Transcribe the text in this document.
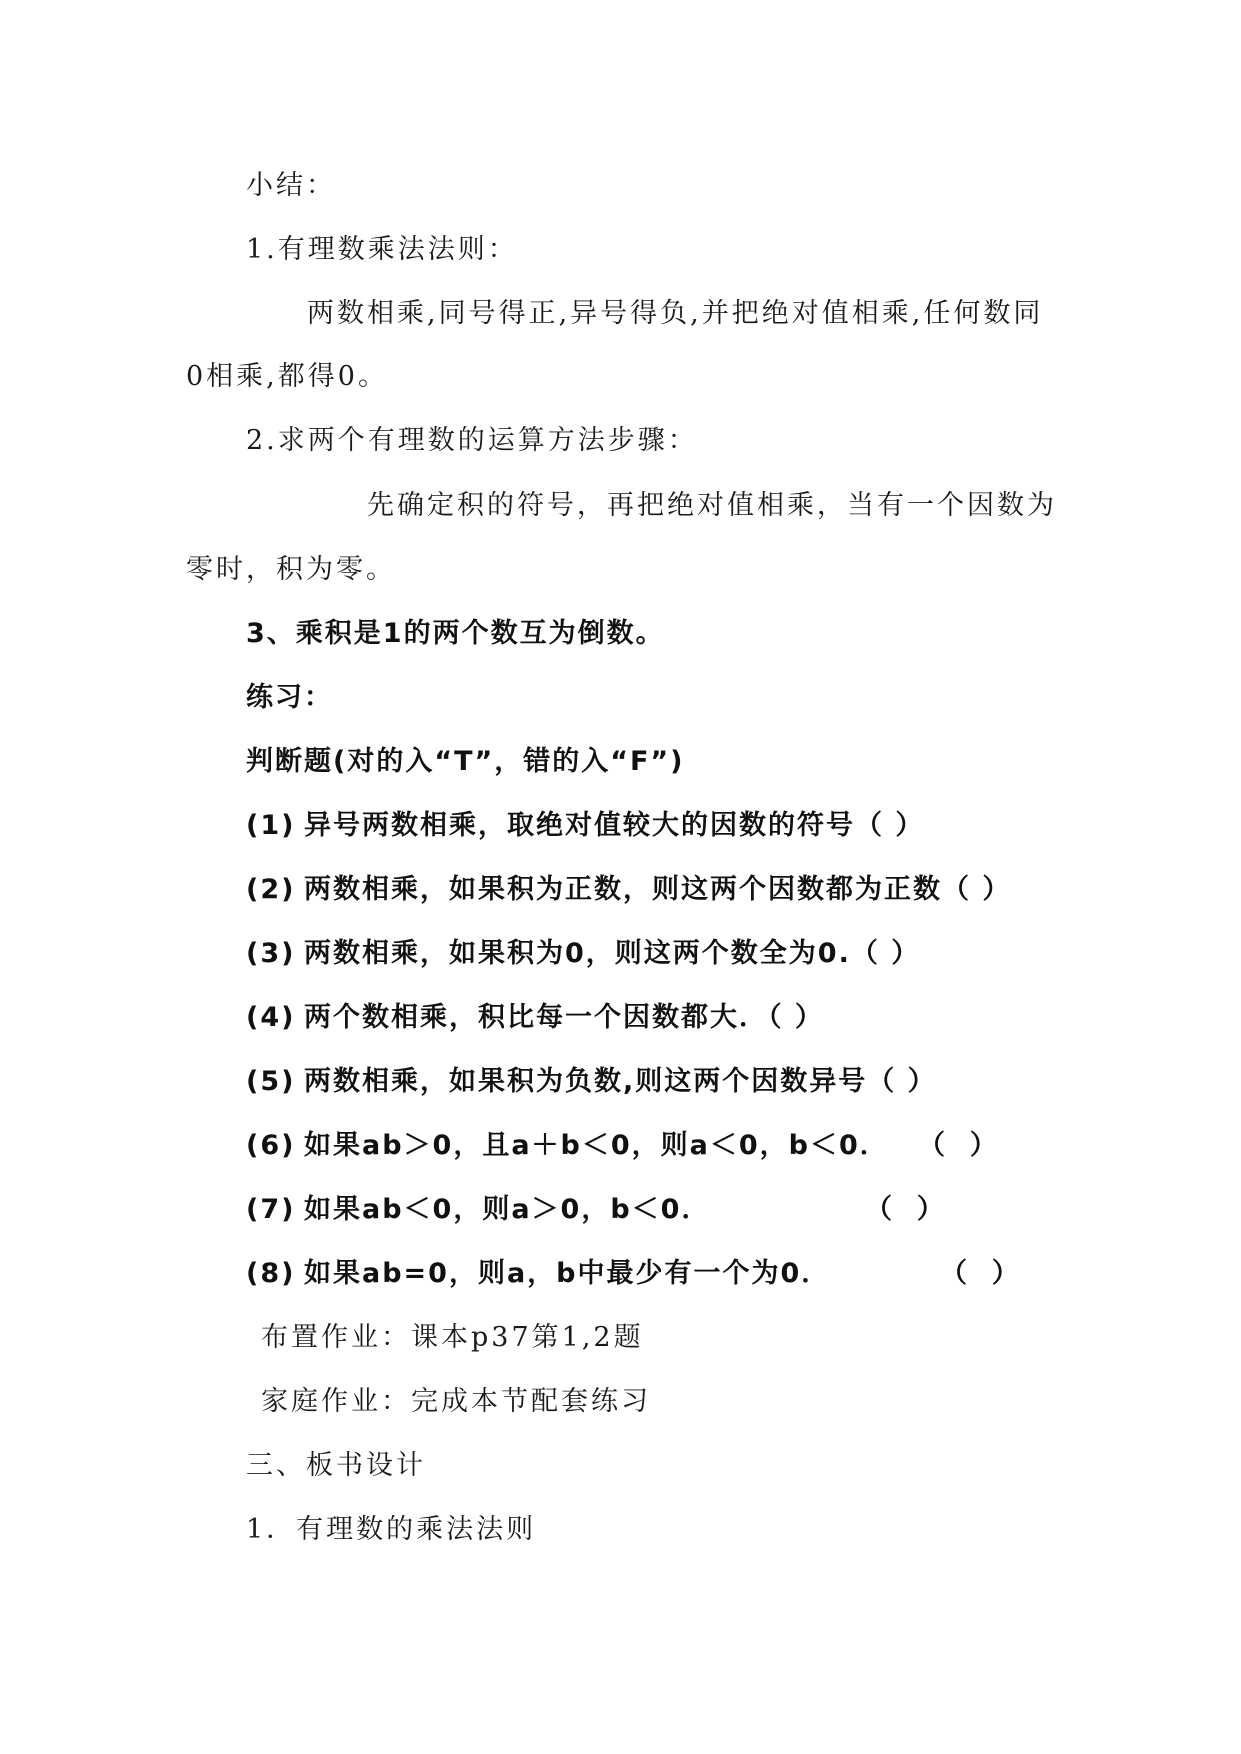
小结：
1.有理数乘法法则：
两数相乘,同号得正,异号得负,并把绝对值相乘,任何数同
0相乘,都得0。
2.求两个有理数的运算方法步骤：
先确定积的符号，再把绝对值相乘，当有一个因数为
零时，积为零。
3、乘积是1的两个数互为倒数。
练习：
判断题(对的入“T”，错的入“F”)
(1) 异号两数相乘，取绝对值较大的因数的符号（ ）
(2) 两数相乘，如果积为正数，则这两个因数都为正数（ ）
(3) 两数相乘，如果积为0，则这两个数全为0.（ ）
(4) 两个数相乘，积比每一个因数都大．（ ）
(5) 两数相乘，如果积为负数,则这两个因数异号（ ）
(6) 如果ab＞0，且a＋b＜0，则a＜0，b＜0． （  ）
(7) 如果ab＜0，则a＞0，b＜0．	（  ）
(8) 如果ab=0，则a，b中最少有一个为0．	（  ）
布置作业：课本p37第1,2题
家庭作业：完成本节配套练习
三、板书设计
1．有理数的乘法法则
